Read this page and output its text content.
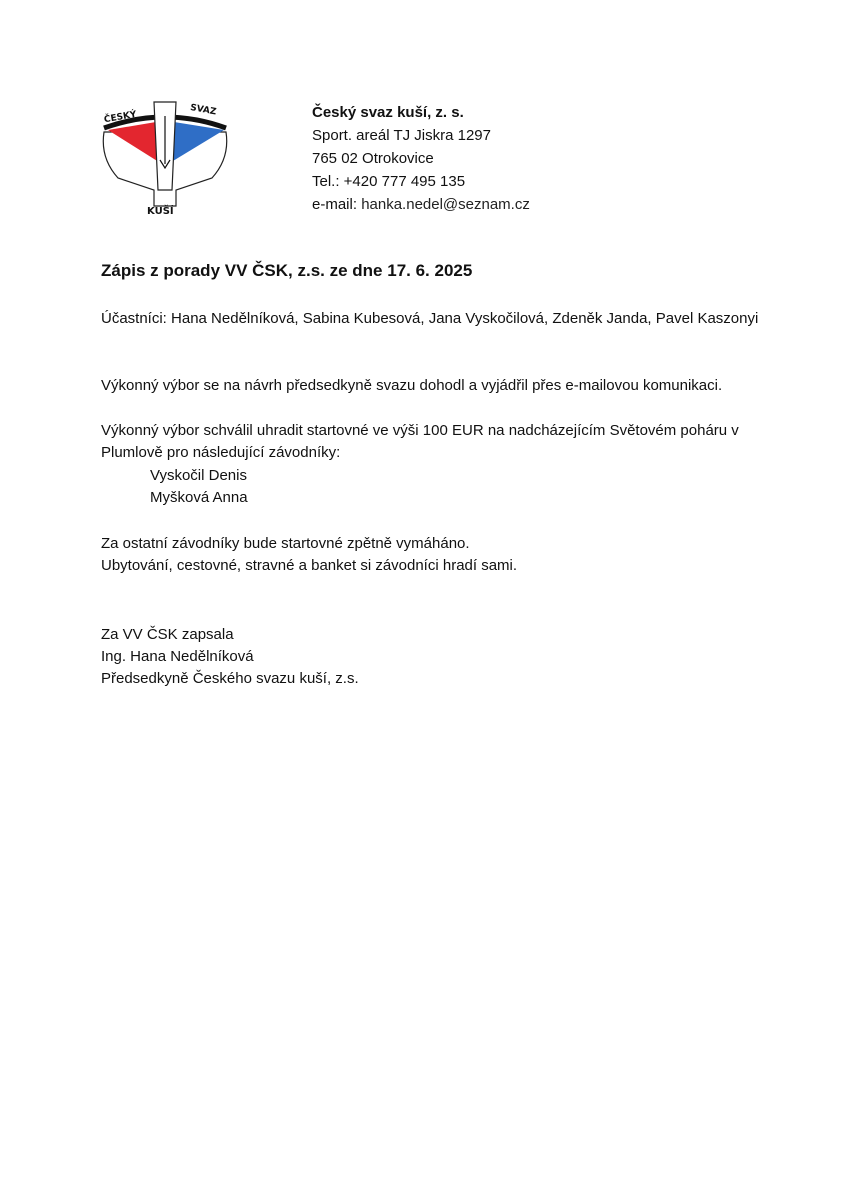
ČESKÝ	SVAZ
KUŠÍ
Český svaz kuší, z. s.
Sport. areál TJ Jiskra 1297
765 02 Otrokovice
Tel.: +420 777 495 135
e-mail: hanka.nedel@seznam.cz
Zápis z porady VV ČSK, z.s. ze dne 17. 6. 2025

Účastníci: Hana Nedělníková, Sabina Kubesová, Jana Vyskočilová, Zdeněk Janda, Pavel Kaszonyi

Výkonný výbor se na návrh předsedkyně svazu dohodl a vyjádřil přes e-mailovou komunikaci.

Výkonný výbor schválil uhradit startovné ve výši 100 EUR na nadcházejícím Světovém poháru v Plumlově pro následující závodníky:

Vyskočil Denis
Myšková Anna

Za ostatní závodníky bude startovné zpětně vymáháno.
Ubytování, cestovné, stravné a banket si závodníci hradí sami.

Za VV ČSK zapsala
Ing. Hana Nedělníková
Předsedkyně Českého svazu kuší, z.s.
